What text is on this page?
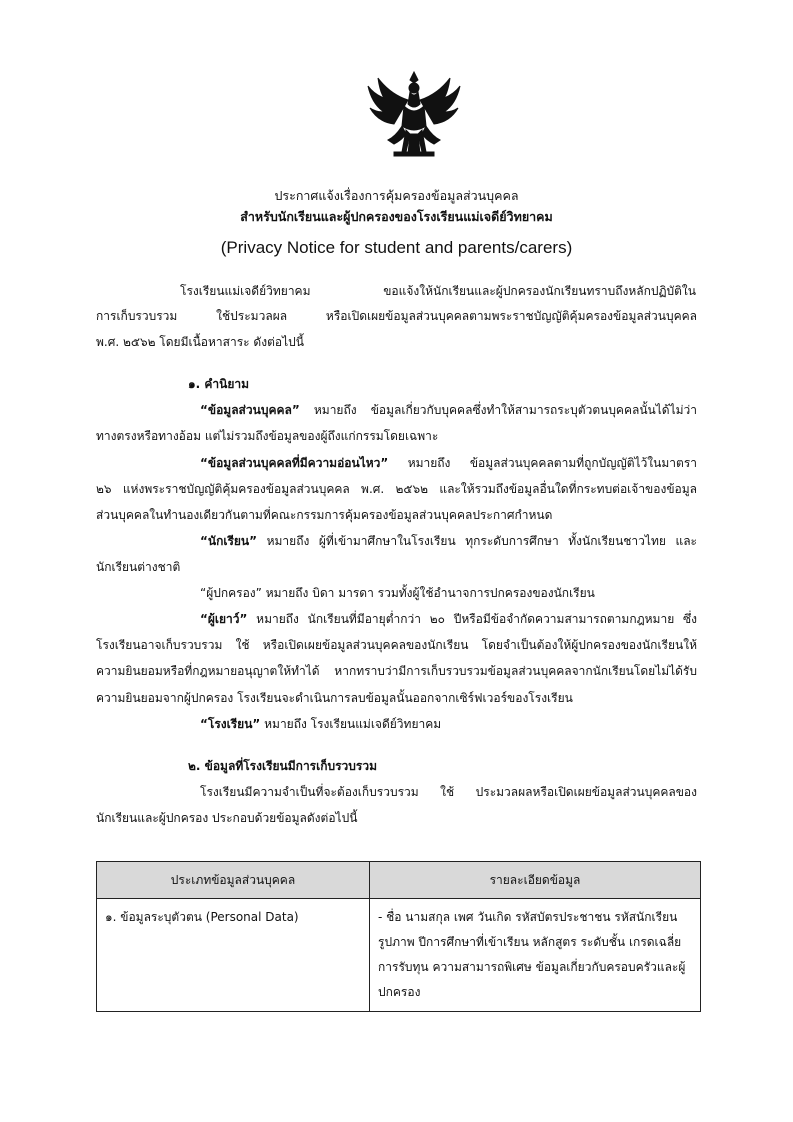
ประกาศแจ้งเรื่องการคุ้มครองข้อมูลส่วนบุคคล
สำหรับนักเรียนและผู้ปกครองของโรงเรียนแม่เจดีย์วิทยาคม
(Privacy Notice for student and parents/carers)
โรงเรียนแม่เจดีย์วิทยาคม ขอแจ้งให้นักเรียนและผู้ปกครองนักเรียนทราบถึงหลักปฏิบัติใน
การเก็บรวบรวม ใช้ประมวลผล หรือเปิดเผยข้อมูลส่วนบุคคลตามพระราชบัญญัติคุ้มครองข้อมูลส่วนบุคคล
พ.ศ. ๒๕๖๒ โดยมีเนื้อหาสาระ ดังต่อไปนี้
๑. คำนิยาม
“ข้อมูลส่วนบุคคล” หมายถึง ข้อมูลเกี่ยวกับบุคคลซึ่งทำให้สามารถระบุตัวตนบุคคลนั้นได้ไม่ว่า
ทางตรงหรือทางอ้อม แต่ไม่รวมถึงข้อมูลของผู้ถึงแก่กรรมโดยเฉพาะ
“ข้อมูลส่วนบุคคลที่มีความอ่อนไหว” หมายถึง ข้อมูลส่วนบุคคลตามที่ถูกบัญญัติไว้ในมาตรา
๒๖ แห่งพระราชบัญญัติคุ้มครองข้อมูลส่วนบุคคล พ.ศ. ๒๕๖๒ และให้รวมถึงข้อมูลอื่นใดที่กระทบต่อเจ้าของข้อมูล
ส่วนบุคคลในทำนองเดียวกันตามที่คณะกรรมการคุ้มครองข้อมูลส่วนบุคคลประกาศกำหนด
“นักเรียน” หมายถึง ผู้ที่เข้ามาศึกษาในโรงเรียน ทุกระดับการศึกษา ทั้งนักเรียนชาวไทย และ
นักเรียนต่างชาติ
“ผู้ปกครอง” หมายถึง บิดา มารดา รวมทั้งผู้ใช้อำนาจการปกครองของนักเรียน
“ผู้เยาว์” หมายถึง นักเรียนที่มีอายุต่ำกว่า ๒๐ ปีหรือมีข้อจำกัดความสามารถตามกฎหมาย ซึ่ง
โรงเรียนอาจเก็บรวบรวม ใช้ หรือเปิดเผยข้อมูลส่วนบุคคลของนักเรียน โดยจำเป็นต้องให้ผู้ปกครองของนักเรียนให้
ความยินยอมหรือที่กฎหมายอนุญาตให้ทำได้ หากทราบว่ามีการเก็บรวบรวมข้อมูลส่วนบุคคลจากนักเรียนโดยไม่ได้รับ
ความยินยอมจากผู้ปกครอง โรงเรียนจะดำเนินการลบข้อมูลนั้นออกจากเซิร์ฟเวอร์ของโรงเรียน
“โรงเรียน” หมายถึง โรงเรียนแม่เจดีย์วิทยาคม
๒. ข้อมูลที่โรงเรียนมีการเก็บรวบรวม
โรงเรียนมีความจำเป็นที่จะต้องเก็บรวบรวม ใช้ ประมวลผลหรือเปิดเผยข้อมูลส่วนบุคคลของ
นักเรียนและผู้ปกครอง ประกอบด้วยข้อมูลดังต่อไปนี้
ประเภทข้อมูลส่วนบุคคล	รายละเอียดข้อมูล
๑. ข้อมูลระบุตัวตน (Personal Data)	- ชื่อ นามสกุล เพศ วันเกิด รหัสบัตรประชาชน รหัสนักเรียน รูปภาพ ปีการศึกษาที่เข้าเรียน หลักสูตร ระดับชั้น เกรดเฉลี่ย การรับทุน ความสามารถพิเศษ ข้อมูลเกี่ยวกับครอบครัวและผู้ปกครอง
